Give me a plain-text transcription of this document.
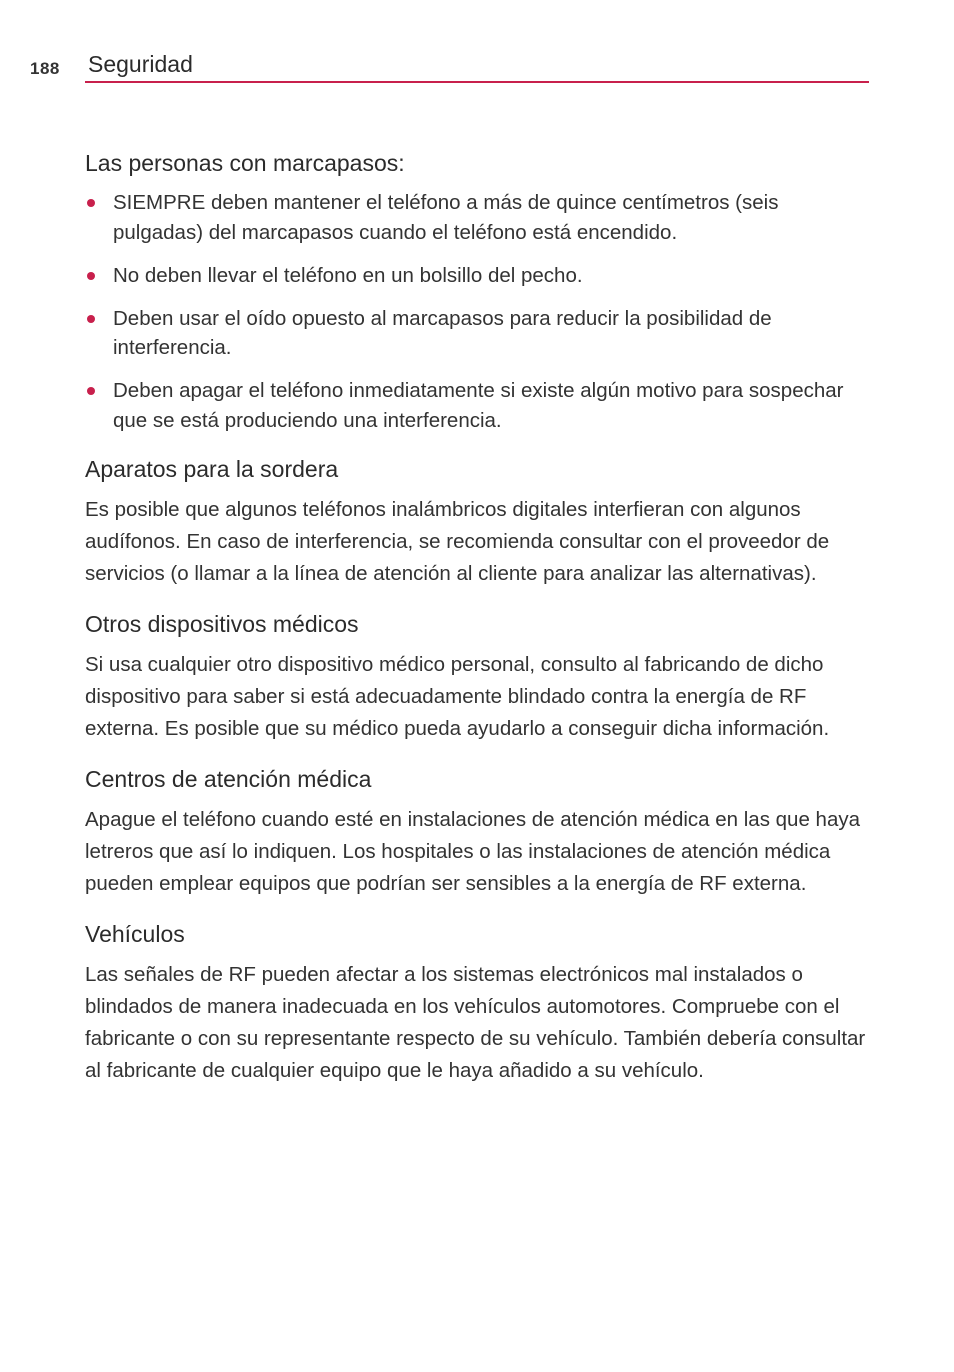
188 Seguridad
Las personas con marcapasos:
SIEMPRE deben mantener el teléfono a más de quince centímetros (seis pulgadas) del marcapasos cuando el teléfono está encendido.
No deben llevar el teléfono en un bolsillo del pecho.
Deben usar el oído opuesto al marcapasos para reducir la posibilidad de interferencia.
Deben apagar el teléfono inmediatamente si existe algún motivo para sospechar que se está produciendo una interferencia.
Aparatos para la sordera

Es posible que algunos teléfonos inalámbricos digitales interfieran con algunos audífonos. En caso de interferencia, se recomienda consultar con el proveedor de servicios (o llamar a la línea de atención al cliente para analizar las alternativas).

Otros dispositivos médicos

Si usa cualquier otro dispositivo médico personal, consulto al fabricando de dicho dispositivo para saber si está adecuadamente blindado contra la energía de RF externa. Es posible que su médico pueda ayudarlo a conseguir dicha información.

Centros de atención médica

Apague el teléfono cuando esté en instalaciones de atención médica en las que haya letreros que así lo indiquen. Los hospitales o las instalaciones de atención médica pueden emplear equipos que podrían ser sensibles a la energía de RF externa.

Vehículos

Las señales de RF pueden afectar a los sistemas electrónicos mal instalados o blindados de manera inadecuada en los vehículos automotores. Compruebe con el fabricante o con su representante respecto de su vehículo. También debería consultar al fabricante de cualquier equipo que le haya añadido a su vehículo.
